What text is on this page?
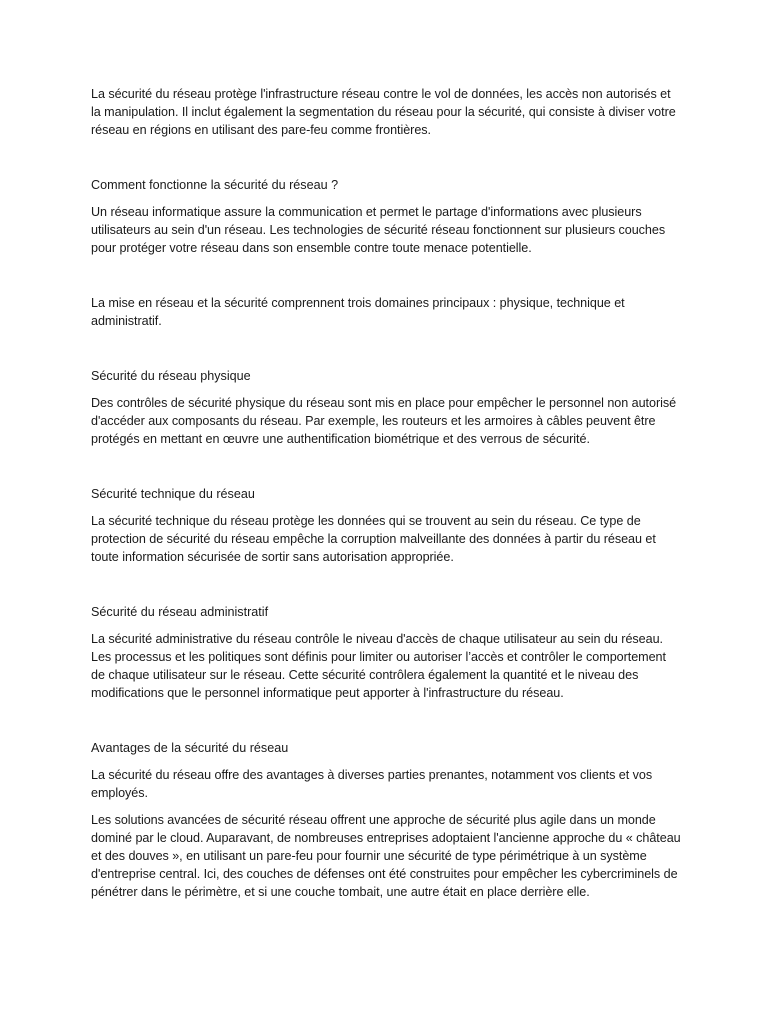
La sécurité du réseau protège l'infrastructure réseau contre le vol de données, les accès non autorisés et la manipulation. Il inclut également la segmentation du réseau pour la sécurité, qui consiste à diviser votre réseau en régions en utilisant des pare-feu comme frontières.

Comment fonctionne la sécurité du réseau ?

Un réseau informatique assure la communication et permet le partage d'informations avec plusieurs utilisateurs au sein d'un réseau. Les technologies de sécurité réseau fonctionnent sur plusieurs couches pour protéger votre réseau dans son ensemble contre toute menace potentielle.

La mise en réseau et la sécurité comprennent trois domaines principaux : physique, technique et administratif.

Sécurité du réseau physique

Des contrôles de sécurité physique du réseau sont mis en place pour empêcher le personnel non autorisé d'accéder aux composants du réseau. Par exemple, les routeurs et les armoires à câbles peuvent être protégés en mettant en œuvre une authentification biométrique et des verrous de sécurité.

Sécurité technique du réseau

La sécurité technique du réseau protège les données qui se trouvent au sein du réseau. Ce type de protection de sécurité du réseau empêche la corruption malveillante des données à partir du réseau et toute information sécurisée de sortir sans autorisation appropriée.

Sécurité du réseau administratif

La sécurité administrative du réseau contrôle le niveau d'accès de chaque utilisateur au sein du réseau. Les processus et les politiques sont définis pour limiter ou autoriser l’accès et contrôler le comportement de chaque utilisateur sur le réseau. Cette sécurité contrôlera également la quantité et le niveau des modifications que le personnel informatique peut apporter à l'infrastructure du réseau.

Avantages de la sécurité du réseau

La sécurité du réseau offre des avantages à diverses parties prenantes, notamment vos clients et vos employés.

Les solutions avancées de sécurité réseau offrent une approche de sécurité plus agile dans un monde dominé par le cloud. Auparavant, de nombreuses entreprises adoptaient l'ancienne approche du « château et des douves », en utilisant un pare-feu pour fournir une sécurité de type périmétrique à un système d'entreprise central. Ici, des couches de défenses ont été construites pour empêcher les cybercriminels de pénétrer dans le périmètre, et si une couche tombait, une autre était en place derrière elle.
